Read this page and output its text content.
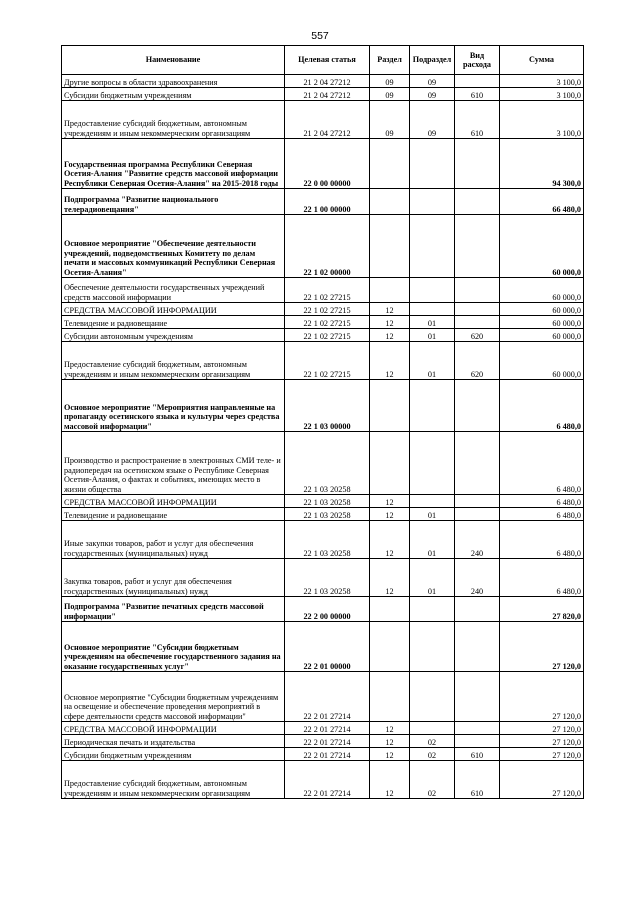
557
Наименование	Целевая статья	Раздел	Подраздел	Вид расхода	Сумма
Другие вопросы в области здравоохранения	21 2 04 27212	09	09		3 100,0
Субсидии бюджетным учреждениям	21 2 04 27212	09	09	610	3 100,0
Предоставление субсидий бюджетным, автономным учреждениям и иным некоммерческим организациям	21 2 04 27212	09	09	610	3 100,0
Государственная программа Республики Северная Осетия-Алания "Развитие средств массовой информации Республики Северная Осетия-Алания" на 2015-2018 годы	22 0 00 00000				94 300,0
Подпрограмма "Развитие национального телерадиовещания"	22 1 00 00000				66 480,0
Основное мероприятие "Обеспечение деятельности учреждений, подведомственных Комитету по делам печати и массовых коммуникаций Республики Северная Осетия-Алания"	22 1 02 00000				60 000,0
Обеспечение деятельности государственных учреждений средств массовой информации	22 1 02 27215				60 000,0
СРЕДСТВА МАССОВОЙ ИНФОРМАЦИИ	22 1 02 27215	12			60 000,0
Телевидение и радиовещание	22 1 02 27215	12	01		60 000,0
Субсидии автономным учреждениям	22 1 02 27215	12	01	620	60 000,0
Предоставление субсидий бюджетным, автономным учреждениям и иным некоммерческим организациям	22 1 02 27215	12	01	620	60 000,0
Основное мероприятие "Мероприятия направленные на пропаганду осетинского языка и культуры через средства массовой информации"	22 1 03 00000				6 480,0
Производство и распространение в электронных СМИ теле- и радиопередач на осетинском языке о Республике Северная Осетия-Алания, о фактах и событиях, имеющих место в жизни общества	22 1 03 20258				6 480,0
СРЕДСТВА МАССОВОЙ ИНФОРМАЦИИ	22 1 03 20258	12			6 480,0
Телевидение и радиовещание	22 1 03 20258	12	01		6 480,0
Иные закупки товаров, работ и услуг для обеспечения государственных (муниципальных) нужд	22 1 03 20258	12	01	240	6 480,0
Закупка товаров, работ и услуг для обеспечения государственных (муниципальных) нужд	22 1 03 20258	12	01	240	6 480,0
Подпрограмма "Развитие печатных средств массовой информации"	22 2 00 00000				27 820,0
Основное мероприятие "Субсидии бюджетным учреждениям на обеспечение государственного задания на оказание государственных услуг"	22 2 01 00000				27 120,0
Основное мероприятие "Субсидии бюджетным учреждениям на освещение и обеспечение проведения мероприятий в сфере деятельности средств массовой информации"	22 2 01 27214				27 120,0
СРЕДСТВА МАССОВОЙ ИНФОРМАЦИИ	22 2 01 27214	12			27 120,0
Периодическая печать и издательства	22 2 01 27214	12	02		27 120,0
Субсидии бюджетным учреждениям	22 2 01 27214	12	02	610	27 120,0
Предоставление субсидий бюджетным, автономным учреждениям и иным некоммерческим организациям	22 2 01 27214	12	02	610	27 120,0
